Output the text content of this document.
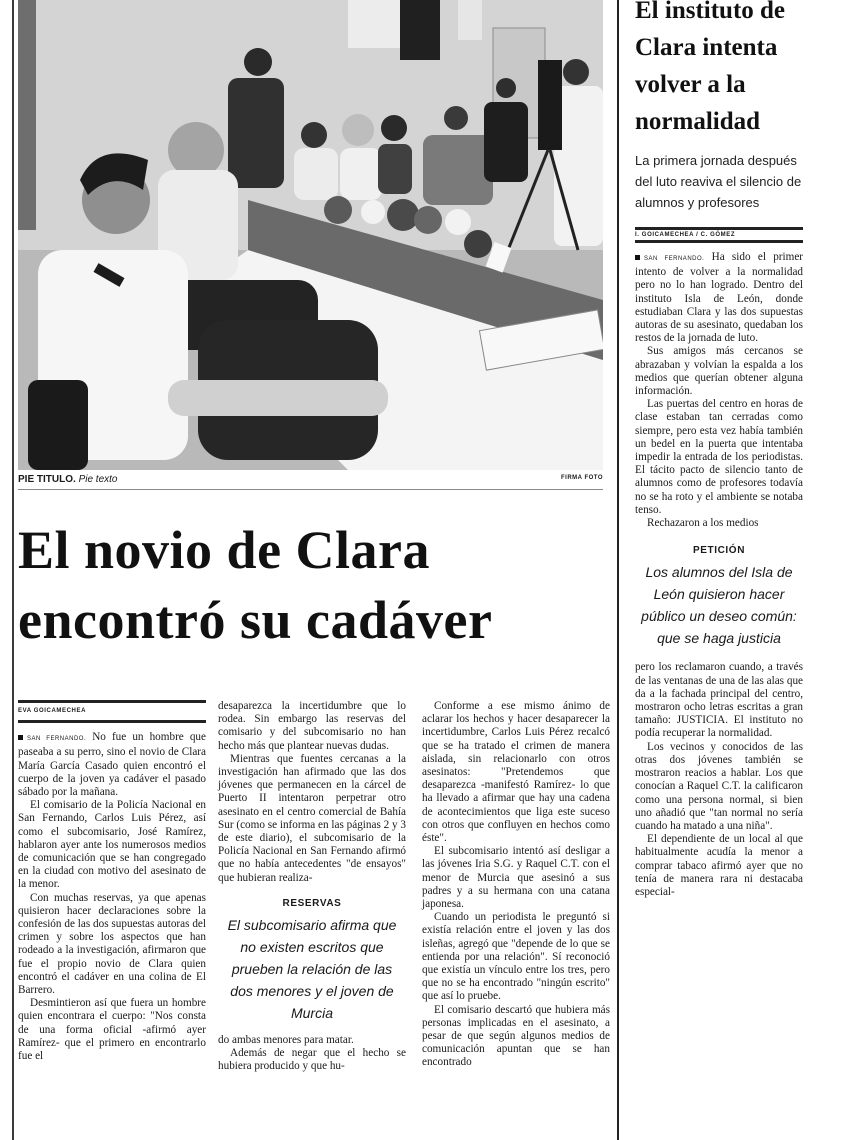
PIE TITULO. Pie texto	FIRMA FOTO
El novio de Clara encontró su cadáver
EVA GOICAMECHEA

SAN FERNANDO. No fue un hombre que paseaba a su perro, sino el novio de Clara María García Casado quien encontró el cuerpo de la joven ya cadáver el pasado sábado por la mañana.

El comisario de la Policía Nacional en San Fernando, Carlos Luis Pérez, así como el subcomisario, José Ramírez, hablaron ayer ante los numerosos medios de comunicación que se han congregado en la ciudad con motivo del asesinato de la menor.

Con muchas reservas, ya que apenas quisieron hacer declaraciones sobre la confesión de las dos supuestas autoras del crimen y sobre los aspectos que han rodeado a la investigación, afirmaron que fue el propio novio de Clara quien encontró el cadáver en una colina de El Barrero.

Desmintieron así que fuera un hombre quien encontrara el cuerpo: "Nos consta de una forma oficial -afirmó ayer Ramírez- que el primero en encontrarlo fue el

desaparezca la incertidumbre que lo rodea. Sin embargo las reservas del comisario y del subcomisario no han hecho más que plantear nuevas dudas.

Mientras que fuentes cercanas a la investigación han afirmado que las dos jóvenes que permanecen en la cárcel de Puerto II intentaron perpetrar otro asesinato en el centro comercial de Bahía Sur (como se informa en las páginas 2 y 3 de este diario), el subcomisario de la Policía Nacional en San Fernando afirmó que no había antecedentes "de ensayos" que hubieran realiza-

RESERVAS
El subcomisario afirma que no existen escritos que prueben la relación de las dos menores y el joven de Murcia

do ambas menores para matar.

Además de negar que el hecho se hubiera producido y que hu-

Conforme a ese mismo ánimo de aclarar los hechos y hacer desaparecer la incertidumbre, Carlos Luis Pérez recalcó que se ha tratado el crimen de manera aislada, sin relacionarlo con otros asesinatos: "Pretendemos que desaparezca -manifestó Ramírez- lo que ha llevado a afirmar que hay una cadena de acontecimientos que liga este suceso con otros que confluyen en hechos como éste".

El subcomisario intentó así desligar a las jóvenes Iria S.G. y Raquel C.T. con el menor de Murcia que asesinó a sus padres y a su hermana con una catana japonesa.

Cuando un periodista le preguntó si existía relación entre el joven y las dos isleñas, agregó que "depende de lo que se entienda por una relación". Sí reconoció que existía un vínculo entre los tres, pero que no se ha encontrado "ningún escrito" que así lo pruebe.

El comisario descartó que hubiera más personas implicadas en el asesinato, a pesar de que según algunos medios de comunicación apuntan que se han encontrado

El instituto de Clara intenta volver a la normalidad
La primera jornada después del luto reaviva el silencio de alumnos y profesores
I. GOICAMECHEA / C. GÓMEZ

SAN FERNANDO. Ha sido el primer intento de volver a la normalidad pero no lo han logrado. Dentro del instituto Isla de León, donde estudiaban Clara y las dos supuestas autoras de su asesinato, quedaban los restos de la jornada de luto.

Sus amigos más cercanos se abrazaban y volvían la espalda a los medios que querían obtener alguna información.

Las puertas del centro en horas de clase estaban tan cerradas como siempre, pero esta vez había también un bedel en la puerta que intentaba impedir la entrada de los periodistas. El tácito pacto de silencio tanto de alumnos como de profesores todavía no se ha roto y el ambiente se notaba tenso.

Rechazaron a los medios

PETICIÓN
Los alumnos del Isla de León quisieron hacer público un deseo común: que se haga justicia

pero los reclamaron cuando, a través de las ventanas de una de las alas que da a la fachada principal del centro, mostraron ocho letras escritas a gran tamaño: JUSTICIA. El instituto no podía recuperar la normalidad.

Los vecinos y conocidos de las otras dos jóvenes también se mostraron reacios a hablar. Los que conocían a Raquel C.T. la calificaron como una persona normal, si bien uno añadió que "tan normal no sería cuando ha matado a una niña".

El dependiente de un local al que habitualmente acudía la menor a comprar tabaco afirmó ayer que no tenía de manera rara ni destacaba especial-
